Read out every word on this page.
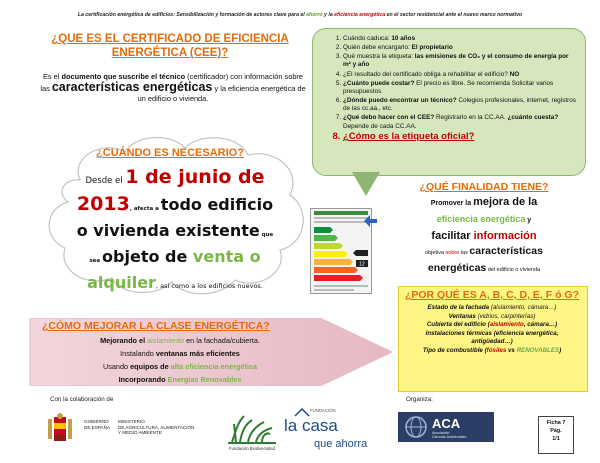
La certificación energética de edificios: Sensibilización y formación de actores clave para el ahorro y la eficiencia energética en el sector residencial ante el nuevo marco normativo
¿QUE ES EL CERTIFICADO DE EFICIENCIA ENERGÉTICA (CEE)?
Es el documento que suscribe el técnico (certificador) con información sobre las características energéticas y la eficiencia energética de un edificio o vivienda.
¿CUÁNDO ES NECESARIO?
Desde el 1 de junio de
2013, afecta a todo edificio
o vivienda existente que
sea objeto de venta o
alquiler, así como a los edificios nuevos.
1. Cuándo caduca: 10 años
2. Quién debe encargarlo: El propietario
3. Qué muestra la etiqueta: las emisiones de CO₂ y el consumo de energía por m² y año
4. ¿El resultado del certificado obliga a rehabilitar el edificio? NO
5. ¿Cuánto puede costar? El precio es libre. Se recomienda Solicitar varios presupuestos
6. ¿Dónde puedo encontrar un técnico? Colegios profesionales, internet, registros de las cc.aa., etc.
7. ¿Qué debo hacer con el CEE? Registrarlo en la CC.AA. ¿cuánto cuesta? Depende de cada CC.AA.
8. ¿Cómo es la etiqueta oficial?
12
¿QUÉ FINALIDAD TIENE?
Promover la mejora de la
eficiencia energética y
facilitar información
objetiva sobre las características
energéticas del edificio o vivienda
¿POR QUÉ ES A, B, C, D, E, F ó G?
Estado de la fachada (aislamiento, cámara…)
Ventanas (vidrios, carpinterías)
Cubierta del edificio (aislamiento, cámara…)
Instalaciones térmicas (eficiencia energética,
antigüedad…)
Tipo de combustible (fósiles vs RENOVABLES)
¿CÓMO MEJORAR LA CLASE ENERGÉTICA?
Mejorando el aislamiento en la fachada/cubierta.
Instalando ventanas más eficientes
Usando equipos de alta eficiencia energética
Incorporando Energías Renovables
Con la colaboración de	Organiza:
GOBIERNO
DE ESPAÑA
MINISTERIO
DE AGRICULTURA, ALIMENTACIÓN
Y MEDIO AMBIENTE
Fundación Biodiversidad
FUNDACIÓN
la casa
que ahorra
ACA
Asociación
Ciencias Ambientales
Ficha 7
Pág.
1/1
